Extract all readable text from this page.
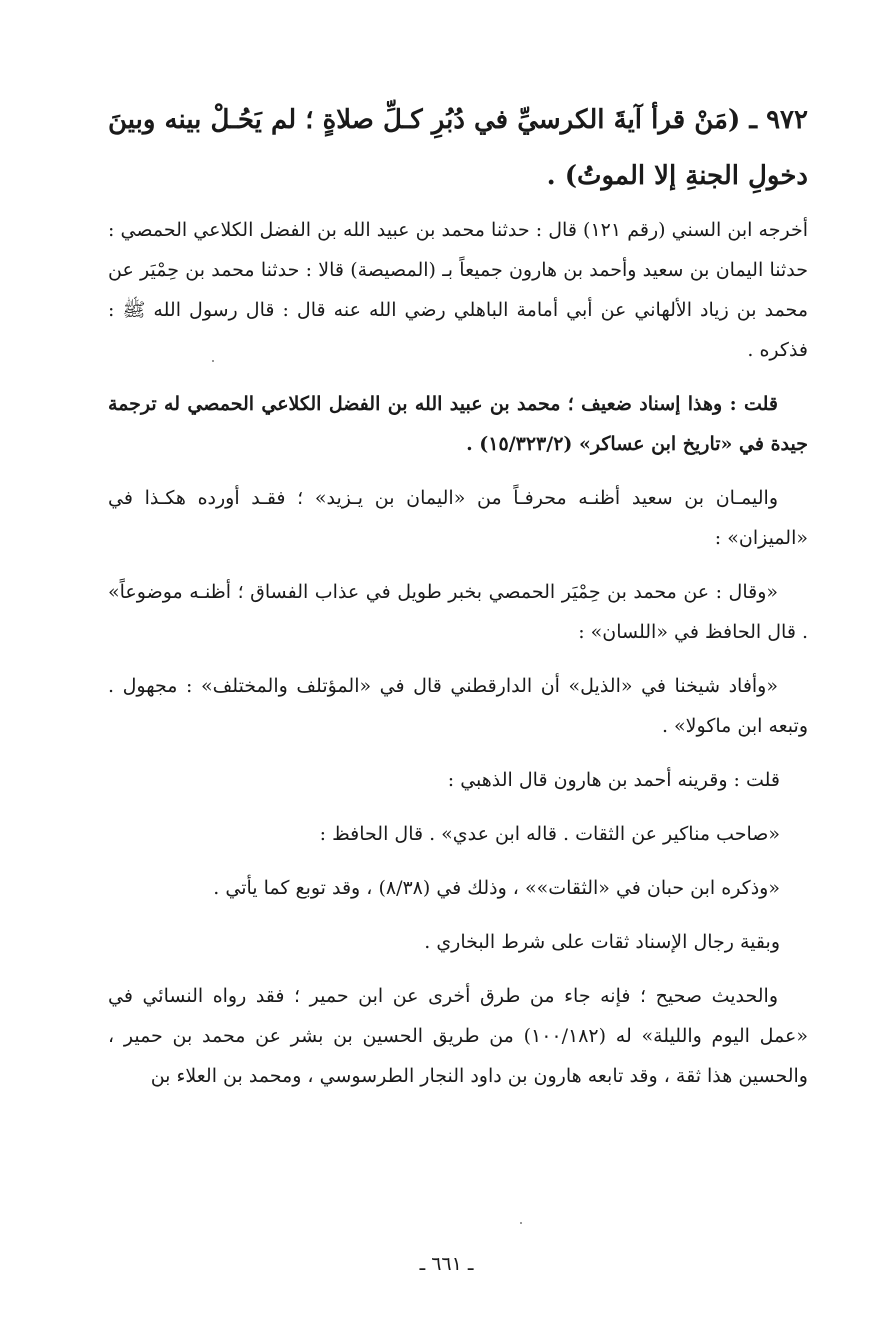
٩٧٢ ـ (مَنْ قرأ آيةَ الكرسيِّ في دُبُرِ كـلِّ صلاةٍ ؛ لم يَحُـلْ بينه وبينَ دخولِ الجنةِ إلا الموتُ) .

أخرجه ابن السني (رقم ١٢١) قال : حدثنا محمد بن عبيد الله بن الفضل الكلاعي الحمصي : حدثنا اليمان بن سعيد وأحمد بن هارون جميعاً بـ (المصيصة) قالا : حدثنا محمد بن حِمْيَر عن محمد بن زياد الألهاني عن أبي أمامة الباهلي رضي الله عنه قال : قال رسول الله ﷺ : فذكره .

قلت : وهذا إسناد ضعيف ؛ محمد بن عبيد الله بن الفضل الكلاعي الحمصي له ترجمة جيدة في «تاريخ ابن عساكر» (١٥/٣٢٣/٢) .

واليمـان بن سعيد أظنـه محرفـاً من «اليمان بن يـزيد» ؛ فقـد أورده هكـذا في «الميزان» :

«وقال : عن محمد بن حِمْيَر الحمصي بخبر طويل في عذاب الفساق ؛ أظنـه موضوعاً» . قال الحافظ في «اللسان» :

«وأفاد شيخنا في «الذيل» أن الدارقطني قال في «المؤتلف والمختلف» : مجهول . وتبعه ابن ماكولا» .

قلت : وقرينه أحمد بن هارون قال الذهبي :

«صاحب مناكير عن الثقات . قاله ابن عدي» . قال الحافظ :

«وذكره ابن حبان في «الثقات»» ، وذلك في (٨/٣٨) ، وقد توبع كما يأتي .

وبقية رجال الإسناد ثقات على شرط البخاري .

والحديث صحيح ؛ فإنه جاء من طرق أخرى عن ابن حمير ؛ فقد رواه النسائي في «عمل اليوم والليلة» له (١٠٠/١٨٢) من طريق الحسين بن بشر عن محمد بن حمير ، والحسين هذا ثقة ، وقد تابعه هارون بن داود النجار الطرسوسي ، ومحمد بن العلاء بن

ـ ٦٦١ ـ
